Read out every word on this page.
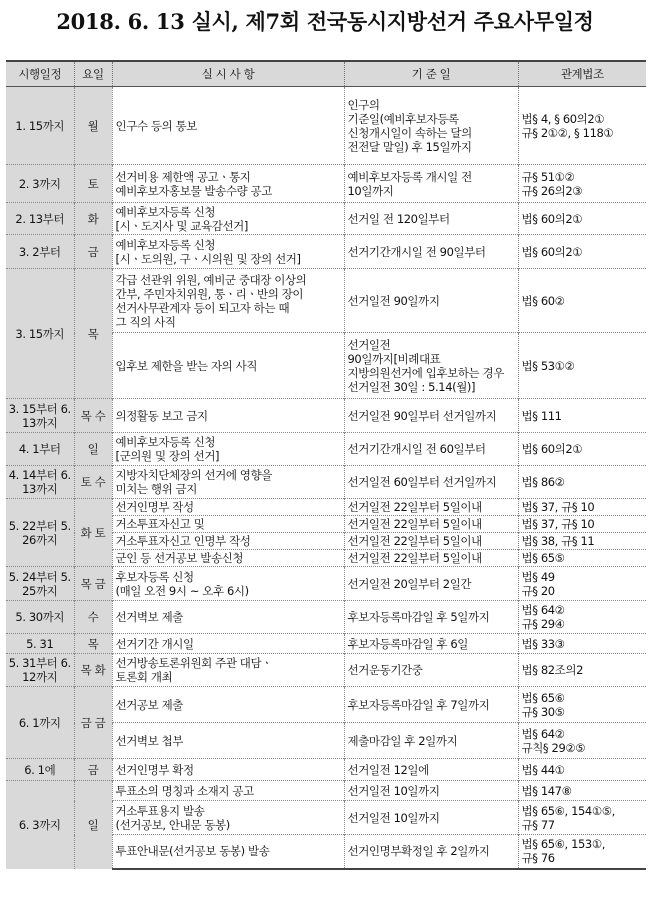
2018. 6. 13 실시, 제7회 전국동시지방선거 주요사무일정
시행일정	요일	실 시 사 항	기 준 일	관계법조
1. 15까지	월	인구수 등의 통보	인구의
기준일(예비후보자등록
신청개시일이 속하는 달의
전전달 말일) 후 15일까지	법§ 4, § 60의2①
규§ 2①②, § 118①
2. 3까지	토	선거비용 제한액 공고ㆍ통지
예비후보자홍보물 발송수량 공고	예비후보자등록 개시일 전
10일까지	규§ 51①②
규§ 26의2③
2. 13부터	화	예비후보자등록 신청
[시ㆍ도지사 및 교육감선거]	선거일 전 120일부터	법§ 60의2①
3. 2부터	금	예비후보자등록 신청
[시ㆍ도의원, 구ㆍ시의원 및 장의 선거]	선거기간개시일 전 90일부터	법§ 60의2①
3. 15까지	목	각급 선관위 위원, 예비군 중대장 이상의
간부, 주민자치위원, 통ㆍ리ㆍ반의 장이
선거사무관계자 등이 되고자 하는 때
그 직의 사직	선거일전 90일까지	법§ 60②
		입후보 제한을 받는 자의 사직	선거일전
90일까지[비례대표
지방의원선거에 입후보하는 경우
선거일전 30일 : 5.14(월)]	법§ 53①②
3. 15부터 6. 13까지	목 수	의정활동 보고 금지	선거일전 90일부터 선거일까지	법§ 111
4. 1부터	일	예비후보자등록 신청
[군의원 및 장의 선거]	선거기간개시일 전 60일부터	법§ 60의2①
4. 14부터 6. 13까지	토 수	지방자치단체장의 선거에 영향을
미치는 행위 금지	선거일전 60일부터 선거일까지	법§ 86②
5. 22부터 5. 26까지	화 토	선거인명부 작성	선거일전 22일부터 5일이내	법§ 37, 규§ 10
		거소투표자신고 및	선거일전 22일부터 5일이내	법§ 37, 규§ 10
		거소투표자신고 인명부 작성	선거일전 22일부터 5일이내	법§ 38, 규§ 11
		군인 등 선거공보 발송신청	선거일전 22일부터 5일이내	법§ 65⑤
5. 24부터 5. 25까지	목 금	후보자등록 신청
(매일 오전 9시 ~ 오후 6시)	선거일전 20일부터 2일간	법§ 49
규§ 20
5. 30까지	수	선거벽보 제출	후보자등록마감일 후 5일까지	법§ 64②
규§ 29④
5. 31	목	선거기간 개시일	후보자등록마감일 후 6일	법§ 33③
5. 31부터 6. 12까지	목 화	선거방송토론위원회 주관 대담ㆍ
토론회 개최	선거운동기간중	법§ 82조의2
6. 1까지	금 금	선거공보 제출	후보자등록마감일 후 7일까지	법§ 65⑥
규§ 30⑤
		선거벽보 첩부	제출마감일 후 2일까지	법§ 64②
규칙§ 29②⑤
6. 1에	금	선거인명부 확정	선거일전 12일에	법§ 44①
6. 3까지	일	투표소의 명칭과 소재지 공고	선거일전 10일까지	법§ 147⑧
		거소투표용지 발송
(선거공보, 안내문 동봉)	선거일전 10일까지	법§ 65⑥, 154①⑤,
규§ 77
		투표안내문(선거공보 동봉) 발송	선거인명부확정일 후 2일까지	법§ 65⑥, 153①,
규§ 76
